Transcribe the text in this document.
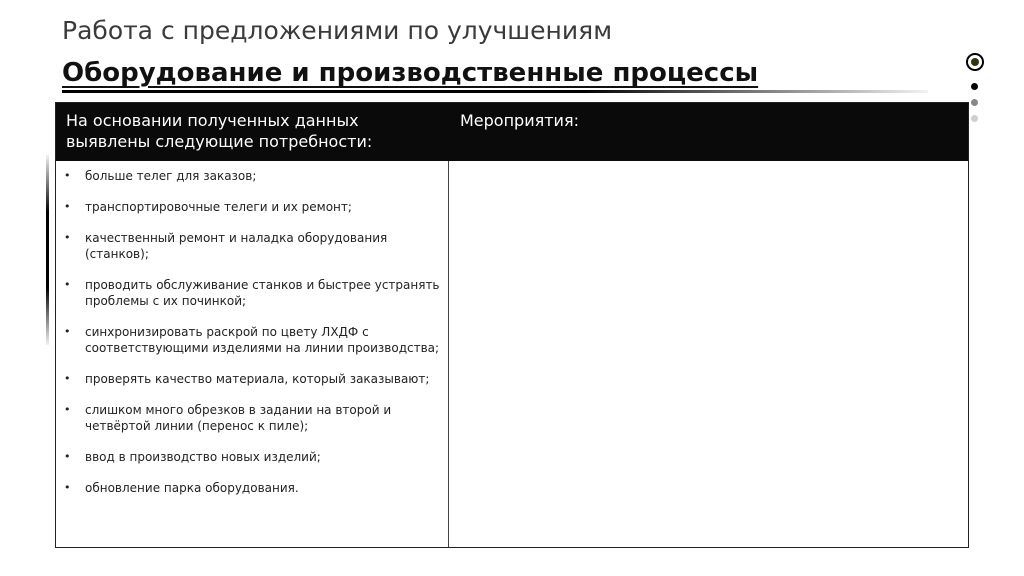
Работа с предложениями по улучшениям
Оборудование и производственные процессы
На основании полученных данных выявлены следующие потребности:
Мероприятия:
• больше телег для заказов;
• транспортировочные телеги и их ремонт;
• качественный ремонт и наладка оборудования (станков);
• проводить обслуживание станков и быстрее устранять проблемы с их починкой;
• синхронизировать раскрой по цвету ЛХДФ с соответствующими изделиями на линии производства;
• проверять качество материала, который заказывают;
• слишком много обрезков в задании на второй и четвёртой линии (перенос к пиле);
• ввод в производство новых изделий;
• обновление парка оборудования.
